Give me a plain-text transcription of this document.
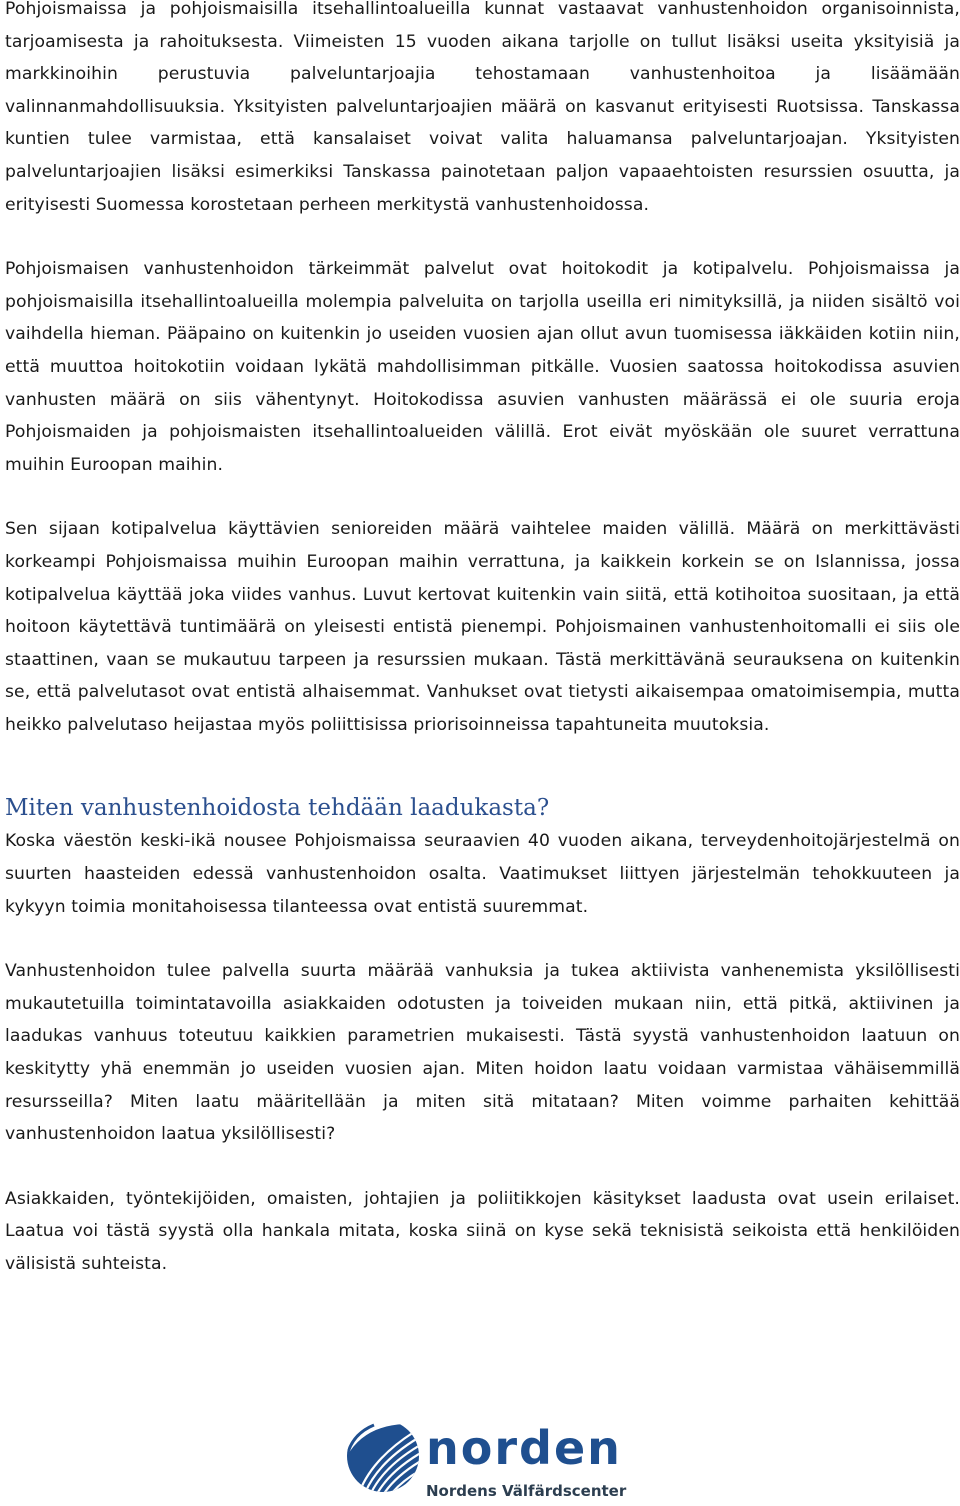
Pohjoismaissa ja pohjoismaisilla itsehallintoalueilla kunnat vastaavat vanhustenhoidon organisoinnista, tarjoamisesta ja rahoituksesta. Viimeisten 15 vuoden aikana tarjolle on tullut lisäksi useita yksityisiä ja markkinoihin perustuvia palveluntarjoajia tehostamaan vanhustenhoitoa ja lisäämään valinnanmahdollisuuksia. Yksityisten palveluntarjoajien määrä on kasvanut erityisesti Ruotsissa. Tanskassa kuntien tulee varmistaa, että kansalaiset voivat valita haluamansa palveluntarjoajan. Yksityisten palveluntarjoajien lisäksi esimerkiksi Tanskassa painotetaan paljon vapaaehtoisten resurssien osuutta, ja erityisesti Suomessa korostetaan perheen merkitystä vanhustenhoidossa.

Pohjoismaisen vanhustenhoidon tärkeimmät palvelut ovat hoitokodit ja kotipalvelu. Pohjoismaissa ja pohjoismaisilla itsehallintoalueilla molempia palveluita on tarjolla useilla eri nimityksillä, ja niiden sisältö voi vaihdella hieman. Pääpaino on kuitenkin jo useiden vuosien ajan ollut avun tuomisessa iäkkäiden kotiin niin, että muuttoa hoitokotiin voidaan lykätä mahdollisimman pitkälle. Vuosien saatossa hoitokodissa asuvien vanhusten määrä on siis vähentynyt. Hoitokodissa asuvien vanhusten määrässä ei ole suuria eroja Pohjoismaiden ja pohjoismaisten itsehallintoalueiden välillä. Erot eivät myöskään ole suuret verrattuna muihin Euroopan maihin.

Sen sijaan kotipalvelua käyttävien senioreiden määrä vaihtelee maiden välillä. Määrä on merkittävästi korkeampi Pohjoismaissa muihin Euroopan maihin verrattuna, ja kaikkein korkein se on Islannissa, jossa kotipalvelua käyttää joka viides vanhus. Luvut kertovat kuitenkin vain siitä, että kotihoitoa suositaan, ja että hoitoon käytettävä tuntimäärä on yleisesti entistä pienempi. Pohjoismainen vanhustenhoitomalli ei siis ole staattinen, vaan se mukautuu tarpeen ja resurssien mukaan. Tästä merkittävänä seurauksena on kuitenkin se, että palvelutasot ovat entistä alhaisemmat. Vanhukset ovat tietysti aikaisempaa omatoimisempia, mutta heikko palvelutaso heijastaa myös poliittisissa priorisoinneissa tapahtuneita muutoksia.

Miten vanhustenhoidosta tehdään laadukasta?

Koska väestön keski-ikä nousee Pohjoismaissa seuraavien 40 vuoden aikana, terveydenhoitojärjestelmä on suurten haasteiden edessä vanhustenhoidon osalta. Vaatimukset liittyen järjestelmän tehokkuuteen ja kykyyn toimia monitahoisessa tilanteessa ovat entistä suuremmat.

Vanhustenhoidon tulee palvella suurta määrää vanhuksia ja tukea aktiivista vanhenemista yksilöllisesti mukautetuilla toimintatavoilla asiakkaiden odotusten ja toiveiden mukaan niin, että pitkä, aktiivinen ja laadukas vanhuus toteutuu kaikkien parametrien mukaisesti. Tästä syystä vanhustenhoidon laatuun on keskitytty yhä enemmän jo useiden vuosien ajan. Miten hoidon laatu voidaan varmistaa vähäisemmillä resursseilla? Miten laatu määritellään ja miten sitä mitataan? Miten voimme parhaiten kehittää vanhustenhoidon laatua yksilöllisesti?

Asiakkaiden, työntekijöiden, omaisten, johtajien ja poliitikkojen käsitykset laadusta ovat usein erilaiset. Laatua voi tästä syystä olla hankala mitata, koska siinä on kyse sekä teknisistä seikoista että henkilöiden välisistä suhteista.

norden
Nordens Välfärdscenter
